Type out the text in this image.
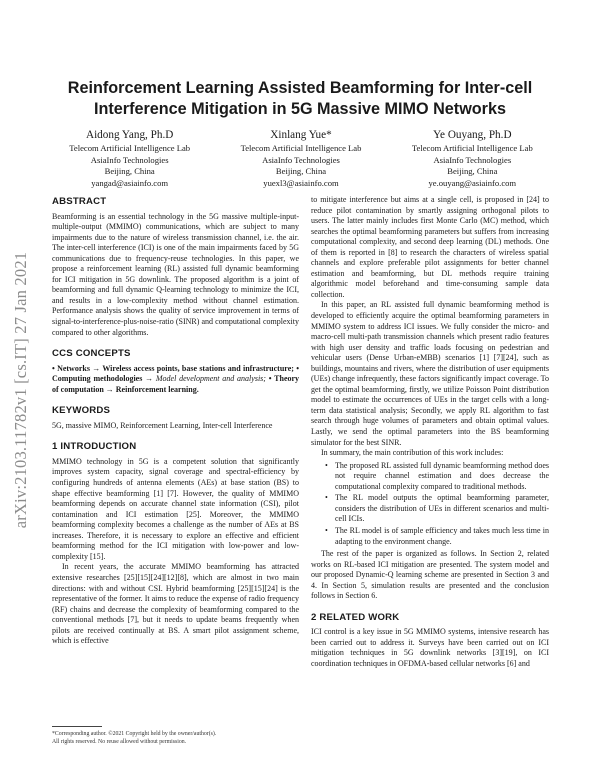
arXiv:2103.11782v1 [cs.IT] 27 Jan 2021
Reinforcement Learning Assisted Beamforming for Inter-cell Interference Mitigation in 5G Massive MIMO Networks
Aidong Yang, Ph.D
Telecom Artificial Intelligence Lab
AsiaInfo Technologies
Beijing, China
yangad@asiainfo.com
Xinlang Yue*
Telecom Artificial Intelligence Lab
AsiaInfo Technologies
Beijing, China
yuexl3@asiainfo.com
Ye Ouyang, Ph.D
Telecom Artificial Intelligence Lab
AsiaInfo Technologies
Beijing, China
ye.ouyang@asiainfo.com
ABSTRACT

Beamforming is an essential technology in the 5G massive multiple-input-multiple-output (MMIMO) communications, which are subject to many impairments due to the nature of wireless transmission channel, i.e. the air. The inter-cell interference (ICI) is one of the main impairments faced by 5G communications due to frequency-reuse technologies. In this paper, we propose a reinforcement learning (RL) assisted full dynamic beamforming for ICI mitigation in 5G downlink. The proposed algorithm is a joint of beamforming and full dynamic Q-learning technology to minimize the ICI, and results in a low-complexity method without channel estimation. Performance analysis shows the quality of service improvement in terms of signal-to-interference-plus-noise-ratio (SINR) and computational complexity compared to other algorithms.

CCS CONCEPTS

• Networks → Wireless access points, base stations and infrastructure; • Computing methodologies → Model development and analysis; • Theory of computation → Reinforcement learning.

KEYWORDS

5G, massive MIMO, Reinforcement Learning, Inter-cell Interference

1 INTRODUCTION

MMIMO technology in 5G is a competent solution that significantly improves system capacity, signal coverage and spectral-efficiency by configuring hundreds of antenna elements (AEs) at base station (BS) to shape effective beamforming [1] [7]. However, the quality of MMIMO beamforming depends on accurate channel state information (CSI), pilot contamination and ICI estimation [25]. Moreover, the MMIMO beamforming complexity becomes a challenge as the number of AEs at BS increases. Therefore, it is necessary to explore an effective and efficient beamforming method for the ICI mitigation with low-power and low-complexity [15].

In recent years, the accurate MMIMO beamforming has attracted extensive researches [25][15][24][12][8], which are almost in two main directions: with and without CSI. Hybrid beamforming [25][15][24] is the representative of the former. It aims to reduce the expense of radio frequency (RF) chains and decrease the complexity of beamforming compared to the conventional methods [7], but it needs to update beams frequently when pilots are received continually at BS. A smart pilot assignment scheme, which is effective

*Corresponding author. ©2021 Copyright held by the owner/author(s).
All rights reserved. No reuse allowed without permission.

to mitigate interference but aims at a single cell, is proposed in [24] to reduce pilot contamination by smartly assigning orthogonal pilots to users. The latter mainly includes first Monte Carlo (MC) method, which searches the optimal beamforming parameters but suffers from increasing computational complexity, and second deep learning (DL) methods. One of them is reported in [8] to research the characters of wireless spatial channels and explore preferable pilot assignments for better channel estimation and beamforming, but DL methods require training algorithmic model beforehand and time-consuming sample data collection.

In this paper, an RL assisted full dynamic beamforming method is developed to efficiently acquire the optimal beamforming parameters in MMIMO system to address ICI issues. We fully consider the micro- and macro-cell multi-path transmission channels which present radio features with high user density and traffic loads focusing on pedestrian and vehicular users (Dense Urban-eMBB) scenarios [1] [7][24], such as buildings, mountains and rivers, where the distribution of user equipments (UEs) change infrequently, these factors significantly impact coverage. To get the optimal beamforming, firstly, we utilize Poisson Point distribution model to estimate the occurrences of UEs in the target cells with a long-term data statistical analysis; Secondly, we apply RL algorithm to fast search through huge volumes of parameters and obtain optimal values. Lastly, we send the optimal parameters into the BS beamforming simulator for the best SINR.

In summary, the main contribution of this work includes:

• The proposed RL assisted full dynamic beamforming method does not require channel estimation and does decrease the computational complexity compared to traditional methods.
• The RL model outputs the optimal beamforming parameter, considers the distribution of UEs in different scenarios and multi-cell ICIs.
• The RL model is of sample efficiency and takes much less time in adapting to the environment change.

The rest of the paper is organized as follows. In Section 2, related works on RL-based ICI mitigation are presented. The system model and our proposed Dynamic-Q learning scheme are presented in Section 3 and 4. In Section 5, simulation results are presented and the conclusion follows in Section 6.

2 RELATED WORK

ICI control is a key issue in 5G MMIMO systems, intensive research has been carried out to address it. Surveys have been carried out on ICI mitigation techniques in 5G downlink networks [3][19], on ICI coordination techniques in OFDMA-based cellular networks [6] and
